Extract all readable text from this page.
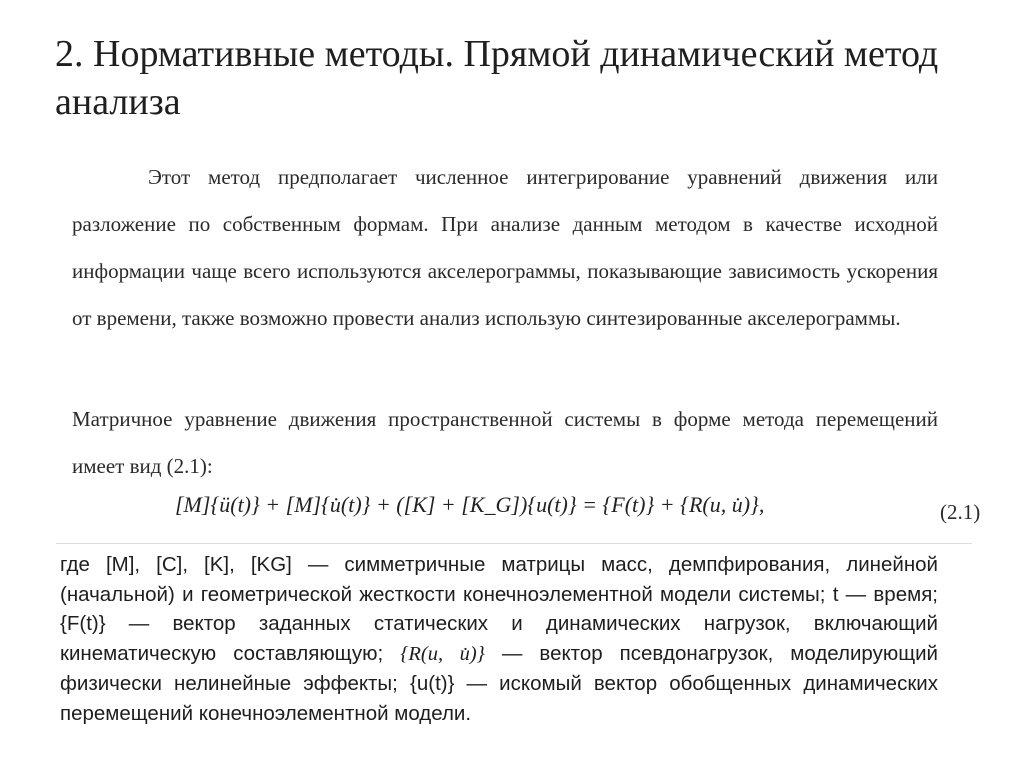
2. Нормативные методы. Прямой динамический метод анализа
Этот метод предполагает численное интегрирование уравнений движения или разложение по собственным формам. При анализе данным методом в качестве исходной информации чаще всего используются акселерограммы, показывающие зависимость ускорения от времени, также возможно провести анализ использую синтезированные акселерограммы.
Матричное уравнение движения пространственной системы в форме метода перемещений имеет вид (2.1):
[M]{ü(t)} + [M]{u̇(t)} + ([K] + [K_G]){u(t)} = {F(t)} + {R(u, u̇)},	(2.1)
где [M], [C], [K], [KG] — симметричные матрицы масс, демпфирования, линейной (начальной) и геометрической жесткости конечноэлементной модели системы; t — время; {F(t)} — вектор заданных статических и динамических нагрузок, включающий кинематическую составляющую; {R(u, u̇)} — вектор псевдонагрузок, моделирующий физически нелинейные эффекты; {u(t)} — искомый вектор обобщенных динамических перемещений конечноэлементной модели.
